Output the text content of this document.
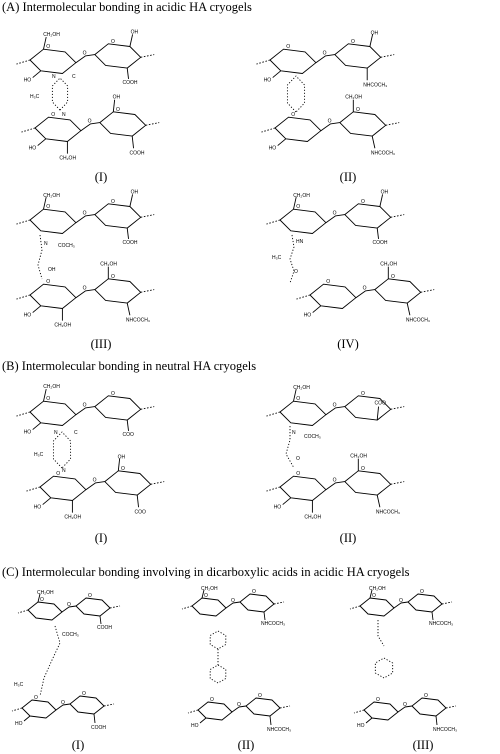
(A) Intermolecular bonding in acidic HA cryogels
(B) Intermolecular bonding in neutral HA cryogels
(C) Intermolecular bonding involving in dicarboxylic acids in acidic HA cryogels
(I)	(II)
(III)	(IV)
(I)	(II)
(I)	(II)	(III)
O
O
O
CH₂OH
HO
OH
COOH
O
O
O
CH₂OH
HO
OH
COOH
N	C
H₃C
N
O
O
O
HO
NHCOCH₃
OH
O
O
O
HO
CH₂OH
NHCOCH₃
O
O
O
CH₂OH
OH
COOH
O
O
O
CH₂OH
HO
CH₂OH
NHCOCH₃
N COCH₃
OH
O
O
O
CH₂OH
OH
COOH
O
O
O
HO
CH₂OH
NHCOCH₃
HN
H₃C
O
O
O
O
CH₂OH
HO	COO
O
O
O
CH₂OH
HO
COO
OH
N	C
H₃C
N
O
O
O
CH₂OH
COO
O
O
O
CH₂OH
HO
CH₂OH
NHCOCH₃
N
COCH₃
O
O
O
O
CH₂OH
COOH
O
O
O
HO
COOH
COCH₃
H₃C
O
O
O
CH₂OH
NHCOCH₃
O
O
O
HO
NHCOCH₃
O
O
O
CH₂OH
NHCOCH₃
O
O
O
HO
NHCOCH₃
